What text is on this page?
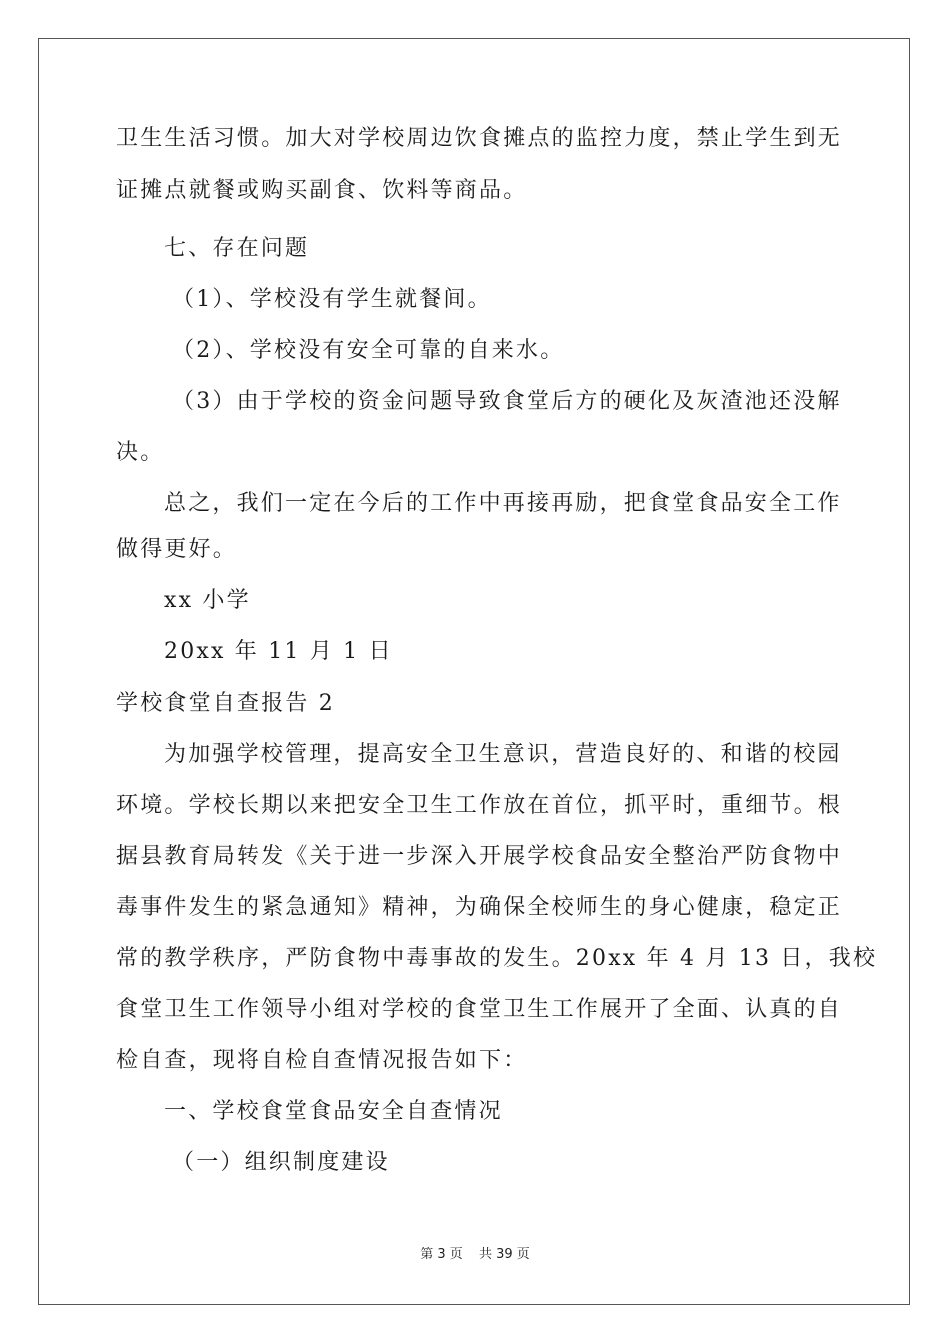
卫生生活习惯。加大对学校周边饮食摊点的监控力度，禁止学生到无
证摊点就餐或购买副食、饮料等商品。
七、存在问题
（1）、学校没有学生就餐间。
（2）、学校没有安全可靠的自来水。
（3）由于学校的资金问题导致食堂后方的硬化及灰渣池还没解
决。
总之，我们一定在今后的工作中再接再励，把食堂食品安全工作
做得更好。
xx 小学
20xx 年 11 月 1 日
学校食堂自查报告 2
为加强学校管理，提高安全卫生意识，营造良好的、和谐的校园
环境。学校长期以来把安全卫生工作放在首位，抓平时，重细节。根
据县教育局转发《关于进一步深入开展学校食品安全整治严防食物中
毒事件发生的紧急通知》精神，为确保全校师生的身心健康，稳定正
常的教学秩序，严防食物中毒事故的发生。20xx 年 4 月 13 日，我校
食堂卫生工作领导小组对学校的食堂卫生工作展开了全面、认真的自
检自查，现将自检自查情况报告如下：
一、学校食堂食品安全自查情况
（一）组织制度建设
第 3 页 共 39 页
